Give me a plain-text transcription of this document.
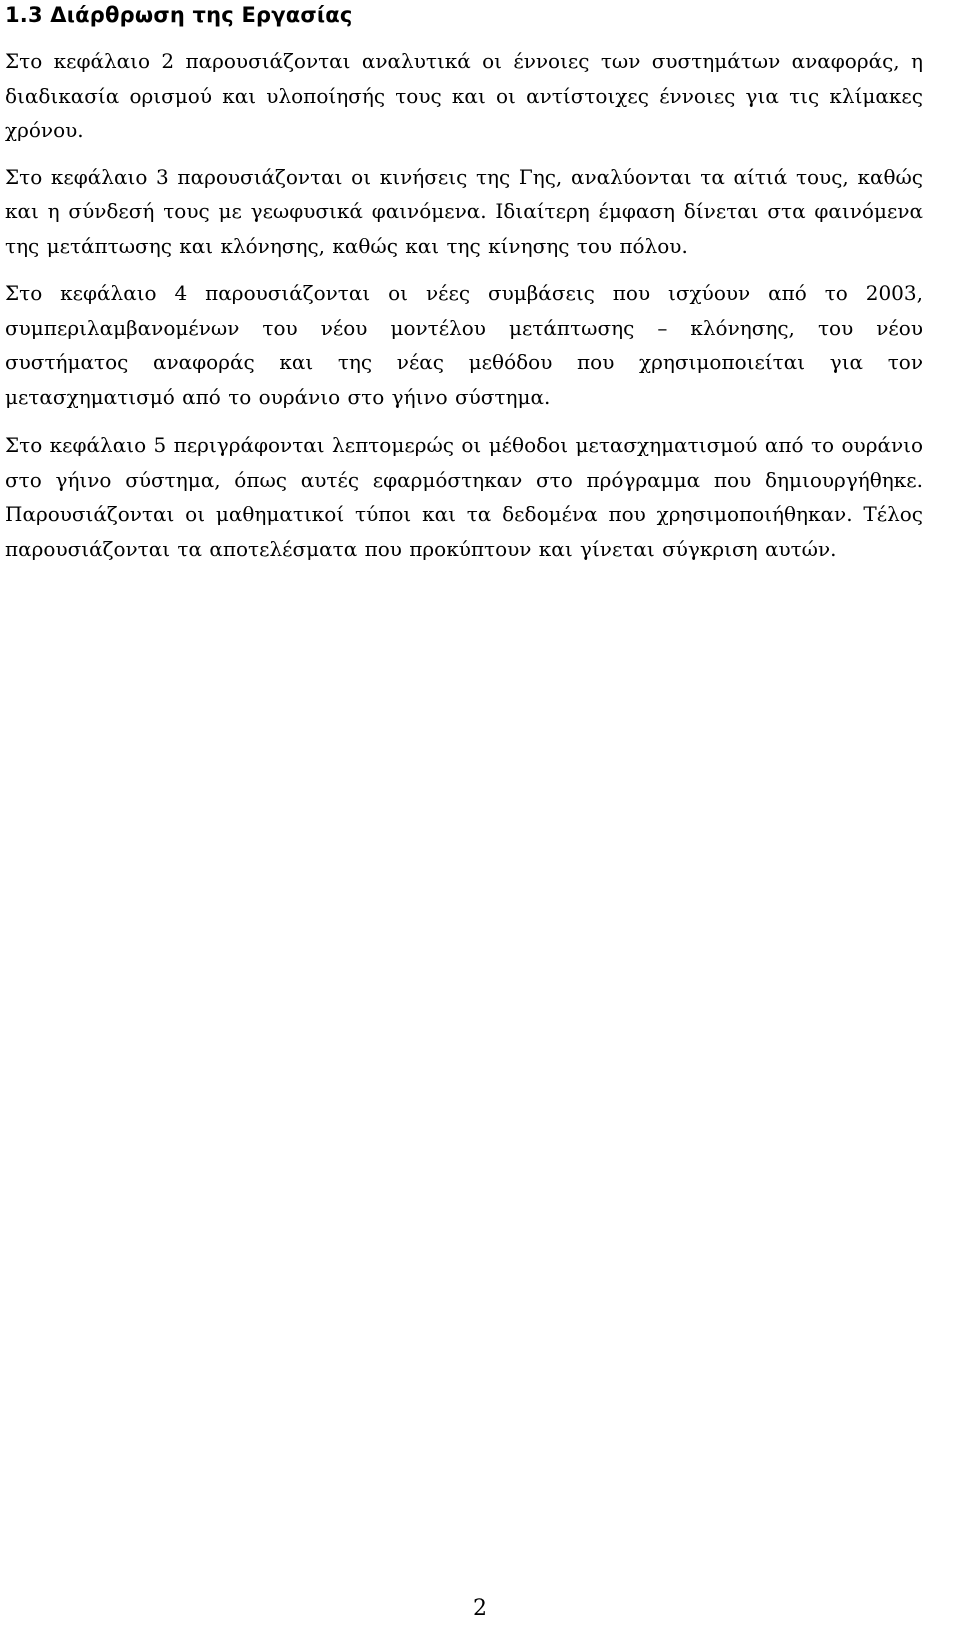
1.3 Διάρθρωση της Εργασίας

Στο κεφάλαιο 2 παρουσιάζονται αναλυτικά οι έννοιες των συστημάτων αναφοράς, η διαδικασία ορισμού και υλοποίησής τους και οι αντίστοιχες έννοιες για τις κλίμακες χρόνου.

Στο κεφάλαιο 3 παρουσιάζονται οι κινήσεις της Γης, αναλύονται τα αίτιά τους, καθώς και η σύνδεσή τους με γεωφυσικά φαινόμενα. Ιδιαίτερη έμφαση δίνεται στα φαινόμενα της μετάπτωσης και κλόνησης, καθώς και της κίνησης του πόλου.

Στο κεφάλαιο 4 παρουσιάζονται οι νέες συμβάσεις που ισχύουν από το 2003, συμπεριλαμβανομένων του νέου μοντέλου μετάπτωσης – κλόνησης, του νέου συστήματος αναφοράς και της νέας μεθόδου που χρησιμοποιείται για τον μετασχηματισμό από το ουράνιο στο γήινο σύστημα.

Στο κεφάλαιο 5 περιγράφονται λεπτομερώς οι μέθοδοι μετασχηματισμού από το ουράνιο στο γήινο σύστημα, όπως αυτές εφαρμόστηκαν στο πρόγραμμα που δημιουργήθηκε. Παρουσιάζονται οι μαθηματικοί τύποι και τα δεδομένα που χρησιμοποιήθηκαν. Τέλος παρουσιάζονται τα αποτελέσματα που προκύπτουν και γίνεται σύγκριση αυτών.

2
